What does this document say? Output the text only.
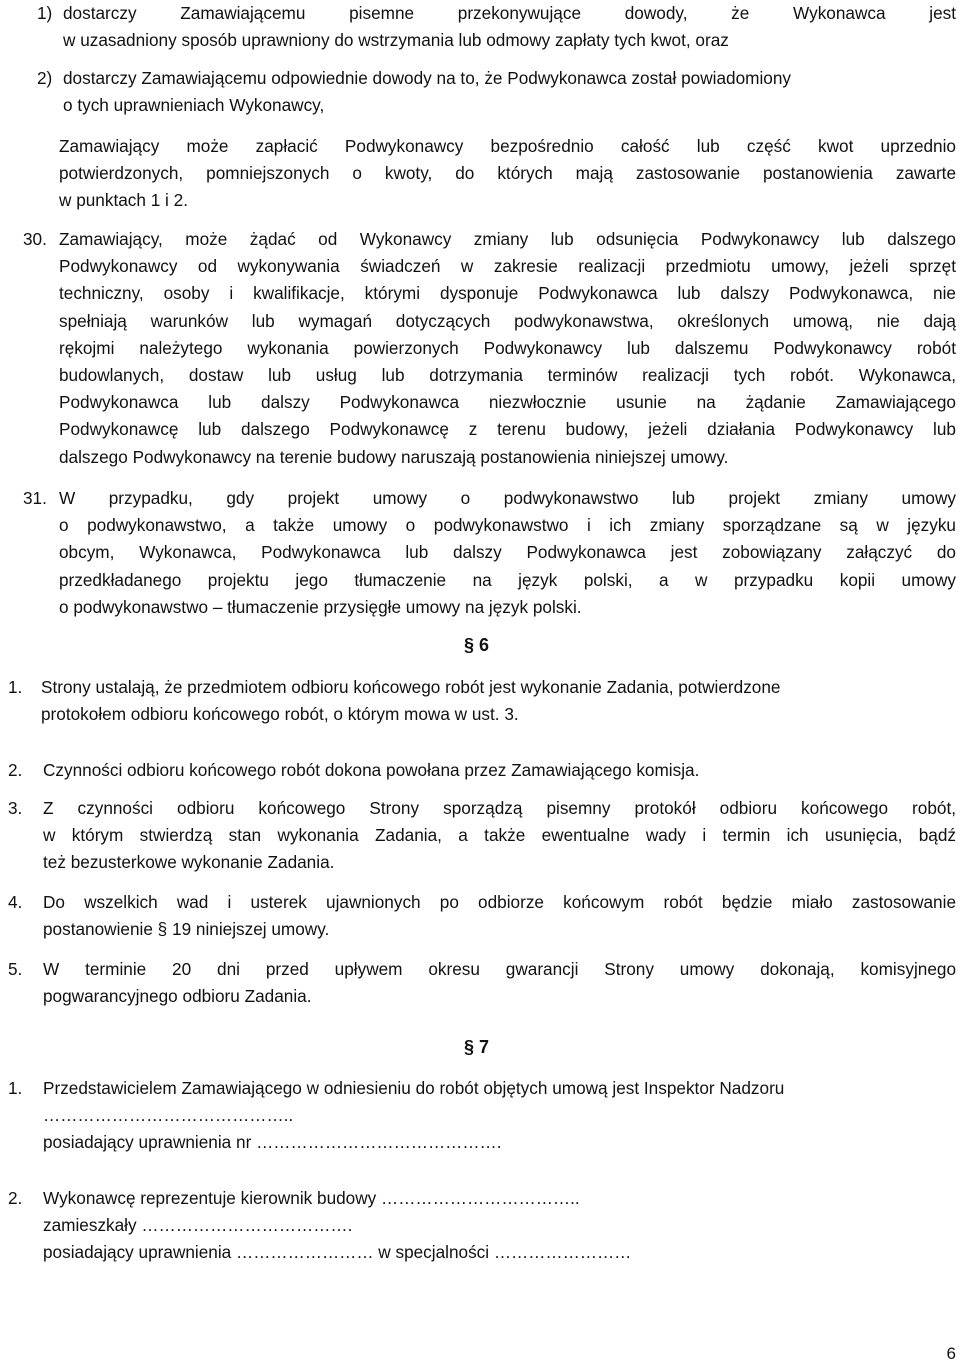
1) dostarczy Zamawiającemu pisemne przekonywujące dowody, że Wykonawca jest
w uzasadniony sposób uprawniony do wstrzymania lub odmowy zapłaty tych kwot, oraz
2) dostarczy Zamawiającemu odpowiednie dowody na to, że Podwykonawca został powiadomiony
o tych uprawnieniach Wykonawcy,
Zamawiający może zapłacić Podwykonawcy bezpośrednio całość lub część kwot uprzednio
potwierdzonych, pomniejszonych o kwoty, do których mają zastosowanie postanowienia zawarte
w punktach 1 i 2.
30. Zamawiający, może żądać od Wykonawcy zmiany lub odsunięcia Podwykonawcy lub dalszego
Podwykonawcy od wykonywania świadczeń w zakresie realizacji przedmiotu umowy, jeżeli sprzęt
techniczny, osoby i kwalifikacje, którymi dysponuje Podwykonawca lub dalszy Podwykonawca, nie
spełniają warunków lub wymagań dotyczących podwykonawstwa, określonych umową, nie dają
rękojmi należytego wykonania powierzonych Podwykonawcy lub dalszemu Podwykonawcy robót
budowlanych, dostaw lub usług lub dotrzymania terminów realizacji tych robót. Wykonawca,
Podwykonawca lub dalszy Podwykonawca niezwłocznie usunie na żądanie Zamawiającego
Podwykonawcę lub dalszego Podwykonawcę z terenu budowy, jeżeli działania Podwykonawcy lub
dalszego Podwykonawcy na terenie budowy naruszają postanowienia niniejszej umowy.
31. W przypadku, gdy projekt umowy o podwykonawstwo lub projekt zmiany umowy
o podwykonawstwo, a także umowy o podwykonawstwo i ich zmiany sporządzane są w języku
obcym, Wykonawca, Podwykonawca lub dalszy Podwykonawca jest zobowiązany załączyć do
przedkładanego projektu jego tłumaczenie na język polski, a w przypadku kopii umowy
o podwykonawstwo – tłumaczenie przysięgłe umowy na język polski.
§ 6
1. Strony ustalają, że przedmiotem odbioru końcowego robót jest wykonanie Zadania, potwierdzone
protokołem odbioru końcowego robót, o którym mowa w ust. 3.
2. Czynności odbioru końcowego robót dokona powołana przez Zamawiającego komisja.
3. Z czynności odbioru końcowego Strony sporządzą pisemny protokół odbioru końcowego robót,
w którym stwierdzą stan wykonania Zadania, a także ewentualne wady i termin ich usunięcia, bądź
też bezusterkowe wykonanie Zadania.
4. Do wszelkich wad i usterek ujawnionych po odbiorze końcowym robót będzie miało zastosowanie
postanowienie § 19 niniejszej umowy.
5. W terminie 20 dni przed upływem okresu gwarancji Strony umowy dokonają, komisyjnego
pogwarancyjnego odbioru Zadania.
§ 7
1. Przedstawicielem Zamawiającego w odniesieniu do robót objętych umową jest Inspektor Nadzoru
……………………………………..
posiadający uprawnienia nr …………………………………….
2. Wykonawcę reprezentuje kierownik budowy ……………………………..
zamieszkały ……………………………….
posiadający uprawnienia …………………… w specjalności ……………………
6
